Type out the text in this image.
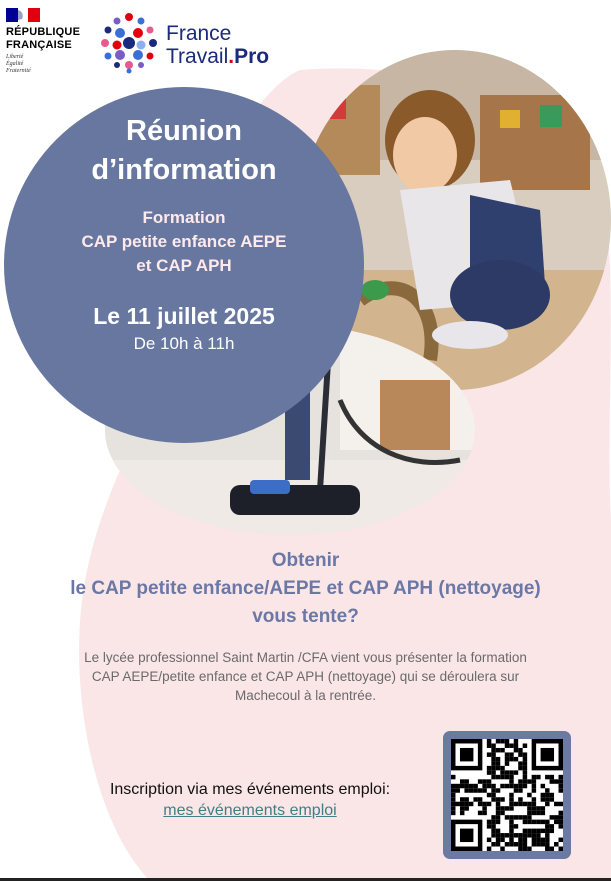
RÉPUBLIQUE
FRANÇAISE
Liberté
Égalité
Fraternité
France
Travail.Pro
Réunion
d’information
Formation
CAP petite enfance AEPE
et CAP APH
Le 11 juillet 2025
De 10h à 11h
Obtenir
le CAP petite enfance/AEPE et CAP APH (nettoyage)
vous tente?
Le lycée professionnel Saint Martin /CFA vient vous présenter la formation
CAP AEPE/petite enfance et CAP APH (nettoyage) qui se déroulera sur
Machecoul à la rentrée.
Inscription via mes événements emploi:
mes événements emploi
